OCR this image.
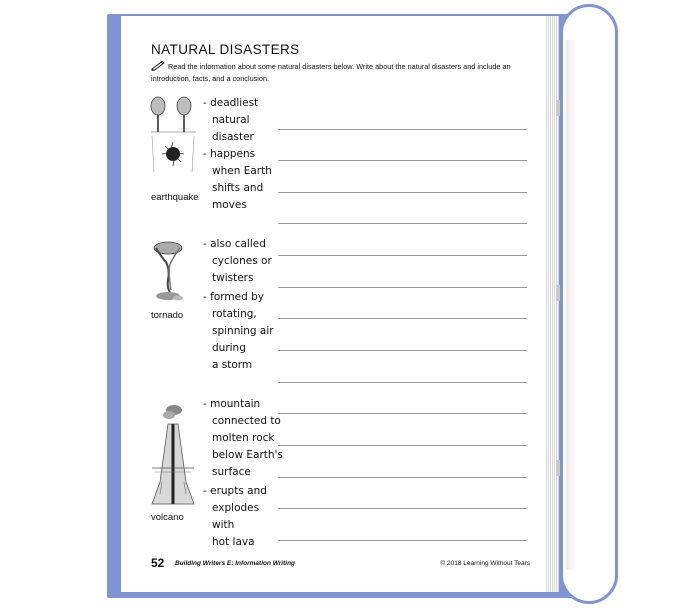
NATURAL DISASTERS
Read the information about some natural disasters below. Write about the natural disasters and include an introduction, facts, and a conclusion.
earthquake
tornado
volcano
- deadliest
natural
disaster
- happens
when Earth
shifts and
moves
- also called
cyclones or
twisters
- formed by
rotating,
spinning air
during
a storm
- mountain
connected to
molten rock
below Earth's
surface
- erupts and
explodes
with
hot lava
52 Building Writers E: Information Writing	© 2018 Learning Without Tears
